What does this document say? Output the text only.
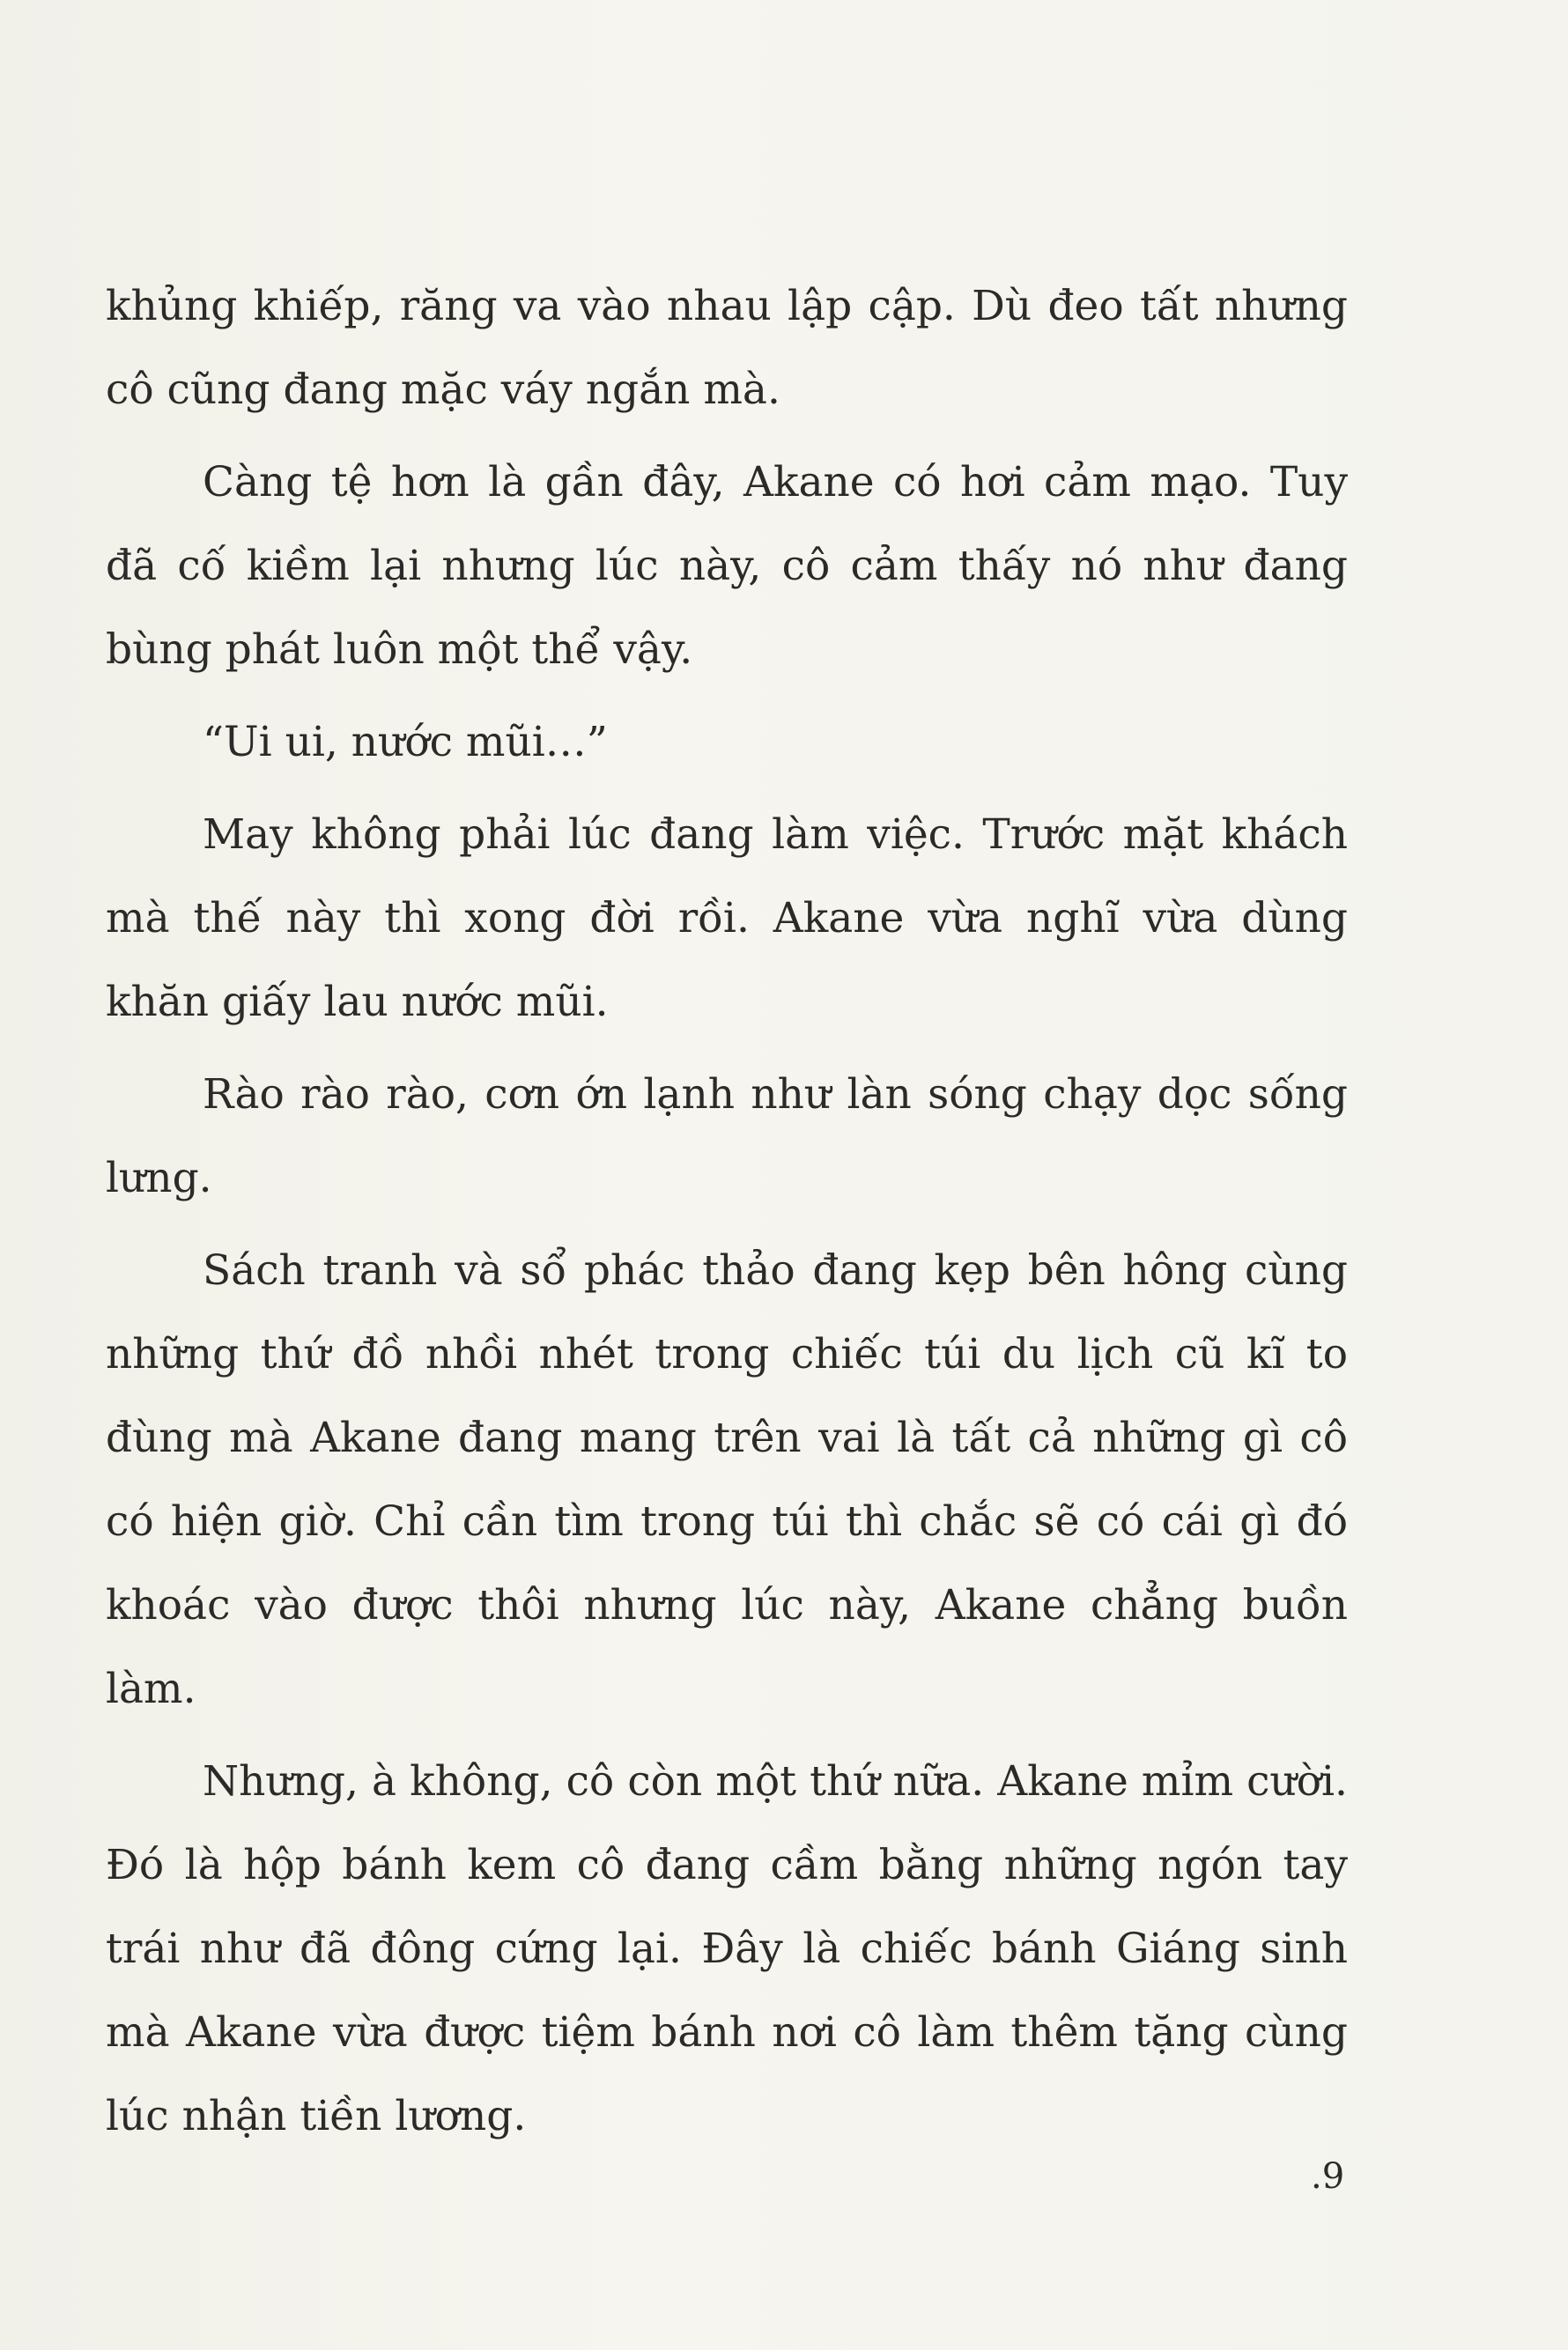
khủng khiếp, răng va vào nhau lập cập. Dù đeo tất nhưng cô cũng đang mặc váy ngắn mà.

Càng tệ hơn là gần đây, Akane có hơi cảm mạo. Tuy đã cố kiềm lại nhưng lúc này, cô cảm thấy nó như đang bùng phát luôn một thể vậy.

“Ui ui, nước mũi…”

May không phải lúc đang làm việc. Trước mặt khách mà thế này thì xong đời rồi. Akane vừa nghĩ vừa dùng khăn giấy lau nước mũi.

Rào rào rào, cơn ớn lạnh như làn sóng chạy dọc sống lưng.

Sách tranh và sổ phác thảo đang kẹp bên hông cùng những thứ đồ nhồi nhét trong chiếc túi du lịch cũ kĩ to đùng mà Akane đang mang trên vai là tất cả những gì cô có hiện giờ. Chỉ cần tìm trong túi thì chắc sẽ có cái gì đó khoác vào được thôi nhưng lúc này, Akane chẳng buồn làm.

Nhưng, à không, cô còn một thứ nữa. Akane mỉm cười. Đó là hộp bánh kem cô đang cầm bằng những ngón tay trái như đã đông cứng lại. Đây là chiếc bánh Giáng sinh mà Akane vừa được tiệm bánh nơi cô làm thêm tặng cùng lúc nhận tiền lương.

.9
